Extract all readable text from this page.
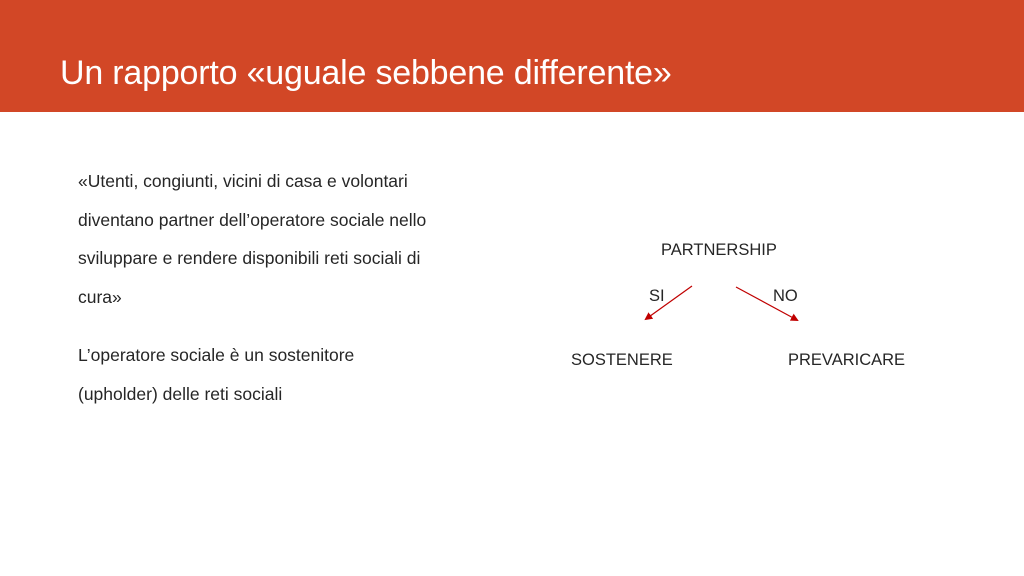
Un rapporto «uguale sebbene differente»

«Utenti, congiunti, vicini di casa e volontari diventano partner dell’operatore sociale nello sviluppare e rendere disponibili reti sociali di cura»

L’operatore sociale è un sostenitore (upholder) delle reti sociali

PARTNERSHIP
SI	NO
SOSTENERE	PREVARICARE
